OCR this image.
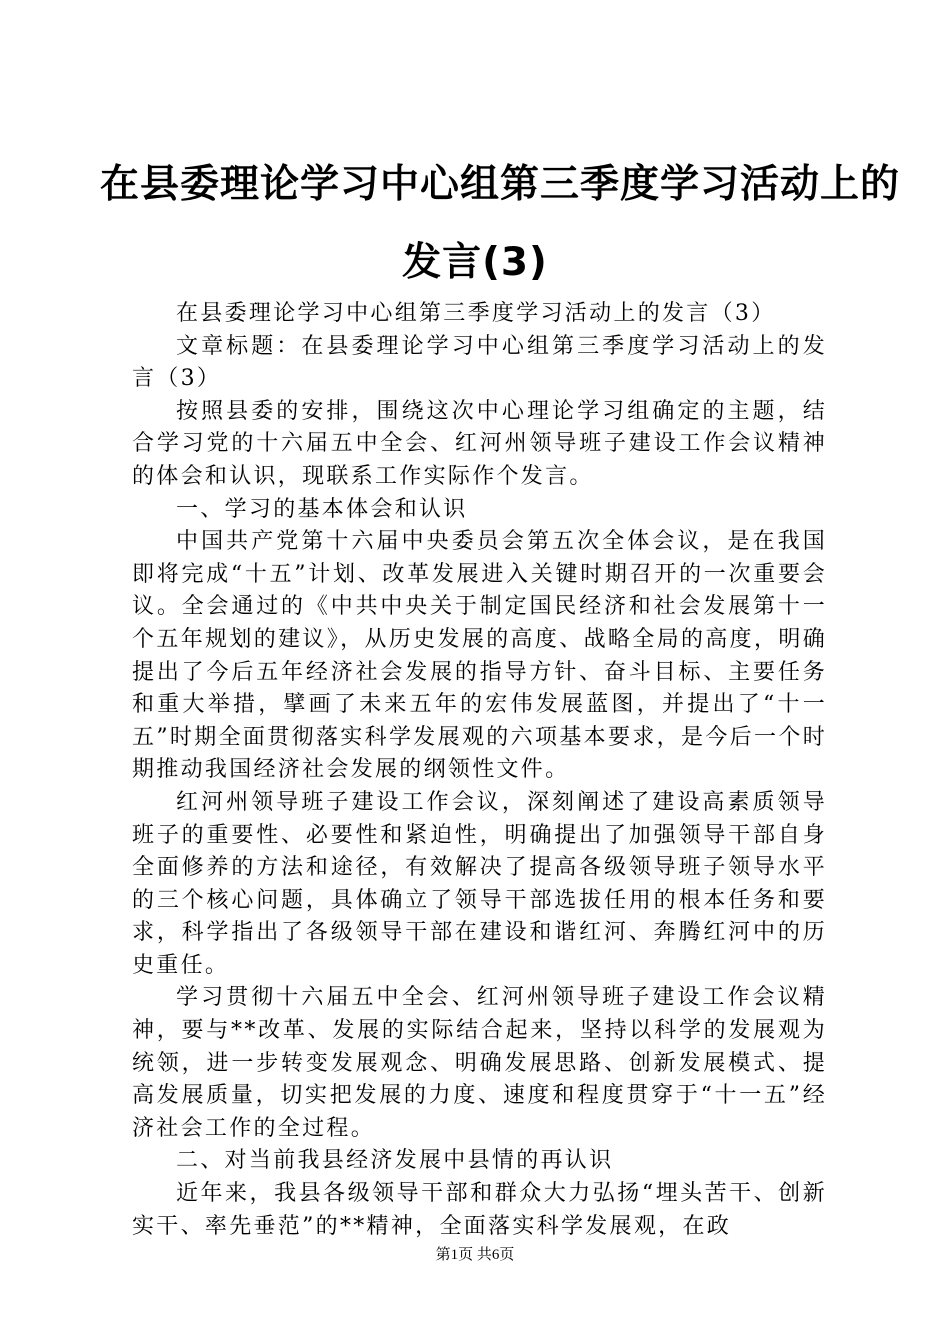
在县委理论学习中心组第三季度学习活动上的
发言(3)

在县委理论学习中心组第三季度学习活动上的发言（3）

文章标题：在县委理论学习中心组第三季度学习活动上的发言（3）

按照县委的安排，围绕这次中心理论学习组确定的主题，结合学习党的十六届五中全会、红河州领导班子建设工作会议精神的体会和认识，现联系工作实际作个发言。

一、学习的基本体会和认识

中国共产党第十六届中央委员会第五次全体会议，是在我国即将完成“十五”计划、改革发展进入关键时期召开的一次重要会议。全会通过的《中共中央关于制定国民经济和社会发展第十一个五年规划的建议》，从历史发展的高度、战略全局的高度，明确提出了今后五年经济社会发展的指导方针、奋斗目标、主要任务和重大举措，擘画了未来五年的宏伟发展蓝图，并提出了“十一五”时期全面贯彻落实科学发展观的六项基本要求，是今后一个时期推动我国经济社会发展的纲领性文件。

红河州领导班子建设工作会议，深刻阐述了建设高素质领导班子的重要性、必要性和紧迫性，明确提出了加强领导干部自身全面修养的方法和途径，有效解决了提高各级领导班子领导水平的三个核心问题，具体确立了领导干部选拔任用的根本任务和要求，科学指出了各级领导干部在建设和谐红河、奔腾红河中的历史重任。

学习贯彻十六届五中全会、红河州领导班子建设工作会议精神，要与**改革、发展的实际结合起来，坚持以科学的发展观为统领，进一步转变发展观念、明确发展思路、创新发展模式、提高发展质量，切实把发展的力度、速度和程度贯穿于“十一五”经济社会工作的全过程。

二、对当前我县经济发展中县情的再认识

近年来，我县各级领导干部和群众大力弘扬“埋头苦干、创新实干、率先垂范”的**精神，全面落实科学发展观，在政

第1页 共6页
